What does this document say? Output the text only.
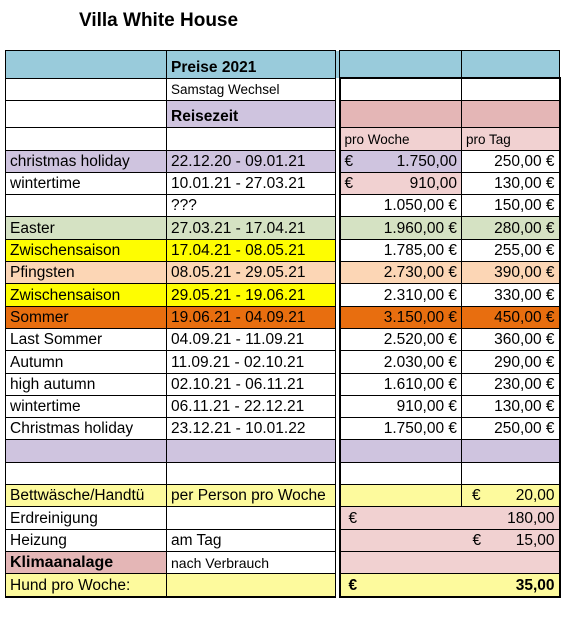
Villa White House
	Preise 2021			
	Samstag Wechsel			
	Reisezeit			
			pro Woche	pro Tag
christmas holiday	22.12.20 - 09.01.21		€ 1.750,00	250,00 €
wintertime	10.01.21 - 27.03.21		€ 910,00	130,00 €
	???		1.050,00 €	150,00 €
Easter	27.03.21 - 17.04.21		1.960,00 €	280,00 €
Zwischensaison	17.04.21 - 08.05.21		1.785,00 €	255,00 €
Pfingsten	08.05.21 - 29.05.21		2.730,00 €	390,00 €
Zwischensaison	29.05.21 - 19.06.21		2.310,00 €	330,00 €
Sommer	19.06.21 - 04.09.21		3.150,00 €	450,00 €
Last Sommer	04.09.21 - 11.09.21		2.520,00 €	360,00 €
Autumn	11.09.21 - 02.10.21		2.030,00 €	290,00 €
high autumn	02.10.21 - 06.11.21		1.610,00 €	230,00 €
wintertime	06.11.21 - 22.12.21		910,00 €	130,00 €
Christmas holiday	23.12.21 - 10.01.22		1.750,00 €	250,00 €

Bettwäsche/Handtü	per Person pro Woche			€ 20,00

Erdreinigung			€ 180,00	

Heizung	am Tag		€ 15,00	

Klimaanalage	nach Verbrauch			
Hund pro Woche:			€ 35,00	
